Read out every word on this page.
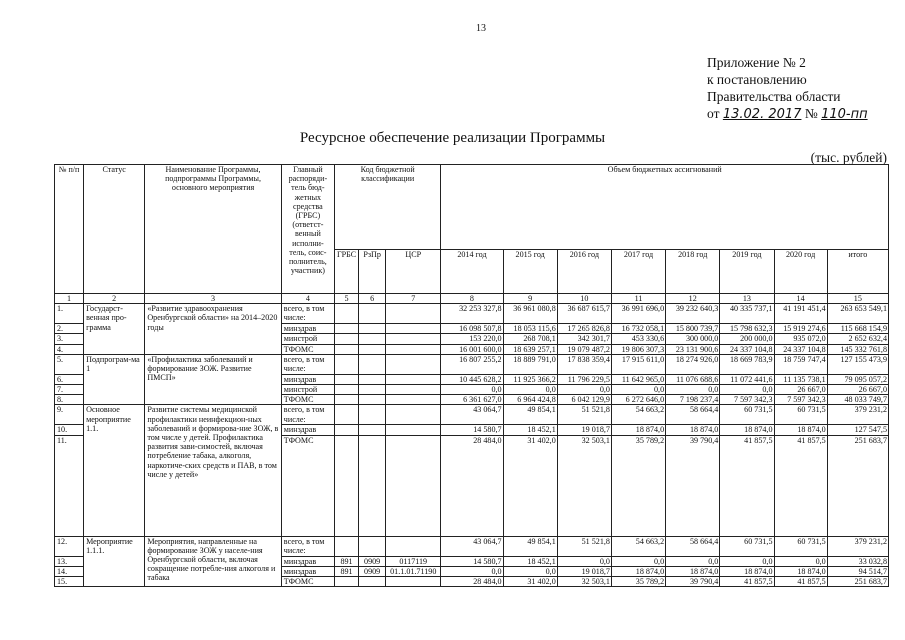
13
Приложение № 2
к постановлению
Правительства области
от 13.02. 2017 № 110-пп
Ресурсное обеспечение реализации Программы
(тыс. рублей)
№ п/п	Статус	Наименование Программы, подпрограммы Программы, основного мероприятия	Главный распоряди-тель бюд-жетных средства (ГРБС) (ответст-венный исполни-тель, соис-полнитель, участник)	Код бюджетной классификации			Объем бюджетных ассигнований							
				ГРБС	РзПр	ЦСР	2014 год	2015 год	2016 год	2017 год	2018 год	2019 год	2020 год	итого
1	2	3	4	5	6	7	8	9	10	11	12	13	14	15
1.	Государст-венная про-грамма	«Развитие здравоохранения Оренбургской области» на 2014–2020 годы	всего, в том числе:				32 253 327,8	36 961 080,8	36 687 615,7	36 991 696,0	39 232 640,3	40 335 737,1	41 191 451,4	263 653 549,1
2.			минздрав				16 098 507,8	18 053 115,6	17 265 826,8	16 732 058,1	15 800 739,7	15 798 632,3	15 919 274,6	115 668 154,9
3.			минстрой				153 220,0	268 708,1	342 301,7	453 330,6	300 000,0	200 000,0	935 072,0	2 652 632,4
4.			ТФОМС				16 001 600,0	18 639 257,1	19 079 487,2	19 806 307,3	23 131 900,6	24 337 104,8	24 337 104,8	145 332 761,8
5.	Подпрограм-ма 1	«Профилактика заболеваний и формирование ЗОЖ. Развитие ПМСП»	всего, в том числе:				16 807 255,2	18 889 791,0	17 838 359,4	17 915 611,0	18 274 926,0	18 669 783,9	18 759 747,4	127 155 473,9
6.			минздрав				10 445 628,2	11 925 366,2	11 796 229,5	11 642 965,0	11 076 688,6	11 072 441,6	11 135 738,1	79 095 057,2
7.			минстрой				0,0	0,0	0,0	0,0	0,0	0,0	26 667,0	26 667,0
8.			ТФОМС				6 361 627,0	6 964 424,8	6 042 129,9	6 272 646,0	7 198 237,4	7 597 342,3	7 597 342,3	48 033 749,7
9.	Основное мероприятие 1.1.	Развитие системы медицинской профилактики неинфекцион-ных заболеваний и формирова-ние ЗОЖ, в том числе у детей. Профилактика развития зави-симостей, включая потребление табака, алкоголя, наркотиче-ских средств и ПАВ, в том числе у детей»	всего, в том числе:				43 064,7	49 854,1	51 521,8	54 663,2	58 664,4	60 731,5	60 731,5	379 231,2
10.			минздрав				14 580,7	18 452,1	19 018,7	18 874,0	18 874,0	18 874,0	18 874,0	127 547,5
11.			ТФОМС				28 484,0	31 402,0	32 503,1	35 789,2	39 790,4	41 857,5	41 857,5	251 683,7
12.	Мероприятие 1.1.1.	Мероприятия, направленные на формирование ЗОЖ у населе-ния Оренбургской области, включая сокращение потребле-ния алкоголя и табака	всего, в том числе:				43 064,7	49 854,1	51 521,8	54 663,2	58 664,4	60 731,5	60 731,5	379 231,2
13.			минздрав	891	0909	0117119	14 580,7	18 452,1	0,0	0,0	0,0	0,0	0,0	33 032,8
14.			минздрав	891	0909	01.1.01.71190	0,0	0,0	19 018,7	18 874,0	18 874,0	18 874,0	18 874,0	94 514,7
15.			ТФОМС				28 484,0	31 402,0	32 503,1	35 789,2	39 790,4	41 857,5	41 857,5	251 683,7
